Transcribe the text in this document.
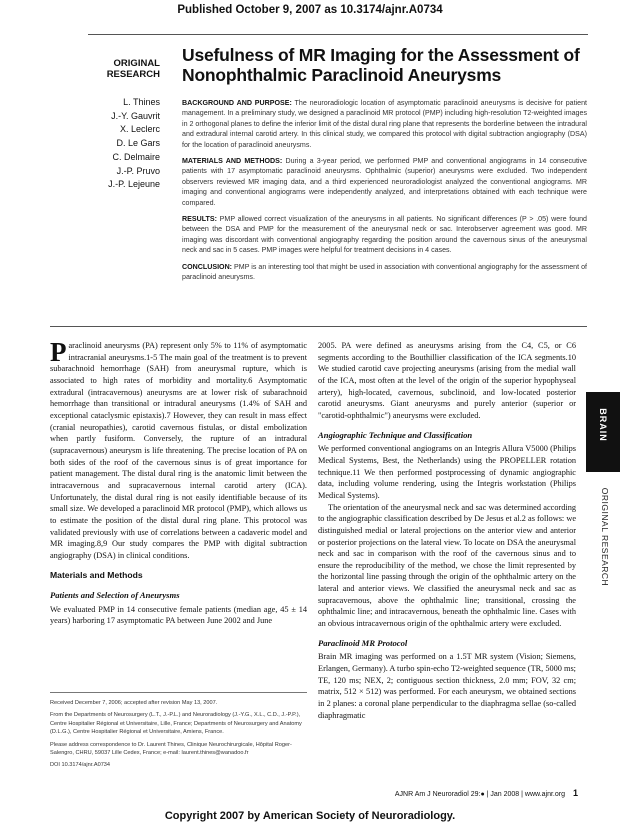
Published October 9, 2007 as 10.3174/ajnr.A0734
ORIGINAL
RESEARCH
L. Thines
J.-Y. Gauvrit
X. Leclerc
D. Le Gars
C. Delmaire
J.-P. Pruvo
J.-P. Lejeune
Usefulness of MR Imaging for the Assessment of Nonophthalmic Paraclinoid Aneurysms

BACKGROUND AND PURPOSE: The neuroradiologic location of asymptomatic paraclinoid aneurysms is decisive for patient management. In a preliminary study, we designed a paraclinoid MR protocol (PMP) including high-resolution T2-weighted images in 2 orthogonal planes to define the inferior limit of the distal dural ring plane that represents the borderline between the intradural and extradural internal carotid artery. In this clinical study, we compared this protocol with digital subtraction angiography (DSA) for the location of paraclinoid aneurysms.

MATERIALS AND METHODS: During a 3-year period, we performed PMP and conventional angiograms in 14 consecutive patients with 17 asymptomatic paraclinoid aneurysms. Ophthalmic (superior) aneurysms were excluded. Two independent observers reviewed MR imaging data, and a third experienced neuroradiologist analyzed the conventional angiograms. MR imaging and conventional angiograms were independently analyzed, and interpretations obtained with each technique were compared.

RESULTS: PMP allowed correct visualization of the aneurysms in all patients. No significant differences (P > .05) were found between the DSA and PMP for the measurement of the aneurysmal neck or sac. Interobserver agreement was good. MR imaging was discordant with conventional angiography regarding the position around the cavernous sinus of the aneurysmal neck and sac in 5 cases. PMP images were helpful for treatment decisions in 4 cases.

CONCLUSION: PMP is an interesting tool that might be used in association with conventional angiography for the assessment of paraclinoid aneurysms.

Paraclinoid aneurysms (PA) represent only 5% to 11% of asymptomatic intracranial aneurysms.1-5 The main goal of the treatment is to prevent subarachnoid hemorrhage (SAH) from aneurysmal rupture, which is associated to high rates of morbidity and mortality.6 Asymptomatic extradural (intracavernous) aneurysms are at lower risk of subarachnoid hemorrhage than transitional or intradural aneurysms (1.4% of SAH and exceptional cataclysmic epistaxis).7 However, they can result in mass effect (cranial neuropathies), carotid cavernous fistulas, or distal embolization when partly fusiform. Conversely, the rupture of an intradural (supracavernous) aneurysm is life threatening. The precise location of PA on both sides of the roof of the cavernous sinus is of great importance for patient management. The distal dural ring is the anatomic limit between the intracavernous and supracavernous internal carotid artery (ICA). Unfortunately, the distal dural ring is not easily identifiable because of its small size. We developed a paraclinoid MR protocol (PMP), which allows us to estimate the position of the distal dural ring plane. This protocol was validated previously with use of correlations between a cadaveric model and MR imaging.8,9 Our study compares the PMP with digital subtraction angiography (DSA) in clinical conditions.

Materials and Methods
Patients and Selection of Aneurysms

We evaluated PMP in 14 consecutive female patients (median age, 45 ± 14 years) harboring 17 asymptomatic PA between June 2002 and June

Received December 7, 2006; accepted after revision May 13, 2007.

From the Departments of Neurosurgery (L.T., J.-P.L.) and Neuroradiology (J.-Y.G., X.L., C.D., J.-P.P.), Centre Hospitalier Régional et Universitaire, Lille, France; Departments of Neurosurgery and Anatomy (D.L.G.), Centre Hospitalier Régional et Universitaire, Amiens, France.

Please address correspondence to Dr. Laurent Thines, Clinique Neurochirurgicale, Hôpital Roger-Salengro, CHRU, 59037 Lille Cedex, France; e-mail: laurent.thines@wanadoo.fr

DOI 10.3174/ajnr.A0734

2005. PA were defined as aneurysms arising from the C4, C5, or C6 segments according to the Bouthillier classification of the ICA segments.10 We studied carotid cave projecting aneurysms (arising from the medial wall of the ICA, most often at the level of the origin of the superior hypophyseal artery), high-located, cavernous, subclinoid, and low-located posterior carotid aneurysms. Giant aneurysms and purely anterior (superior or "carotid-ophthalmic") aneurysms were excluded.

Angiographic Technique and Classification

We performed conventional angiograms on an Integris Allura V5000 (Philips Medical Systems, Best, the Netherlands) using the PROPELLER rotation technique.11 We then performed postprocessing of dynamic angiographic data, including volume rendering, using the Integris workstation (Philips Medical Systems).

The orientation of the aneurysmal neck and sac was determined according to the angiographic classification described by De Jesus et al.2 as follows: we distinguished medial or lateral projections on the anterior view and anterior or posterior projections on the lateral view. To locate on DSA the aneurysmal neck and sac in comparison with the roof of the cavernous sinus and to ensure the reproducibility of the method, we chose the limit represented by the horizontal line passing through the origin of the ophthalmic artery on the lateral and anterior views. We classified the aneurysmal neck and sac as supracavernous, above the ophthalmic line; transitional, crossing the ophthalmic line; and intracavernous, beneath the ophthalmic line. Cases with an obvious intracavernous origin of the ophthalmic artery were excluded.

Paraclinoid MR Protocol

Brain MR imaging was performed on a 1.5T MR system (Vision; Siemens, Erlangen, Germany). A turbo spin-echo T2-weighted sequence (TR, 5000 ms; TE, 120 ms; NEX, 2; contiguous section thickness, 2.0 mm; FOV, 32 cm; matrix, 512 × 512) was performed. For each aneurysm, we obtained sections in 2 planes: a coronal plane perpendicular to the diaphragma sellae (so-called diaphragmatic

BRAIN
ORIGINAL RESEARCH
AJNR Am J Neuroradiol 29:● | Jan 2008 | www.ajnr.org 1
Copyright 2007 by American Society of Neuroradiology.
